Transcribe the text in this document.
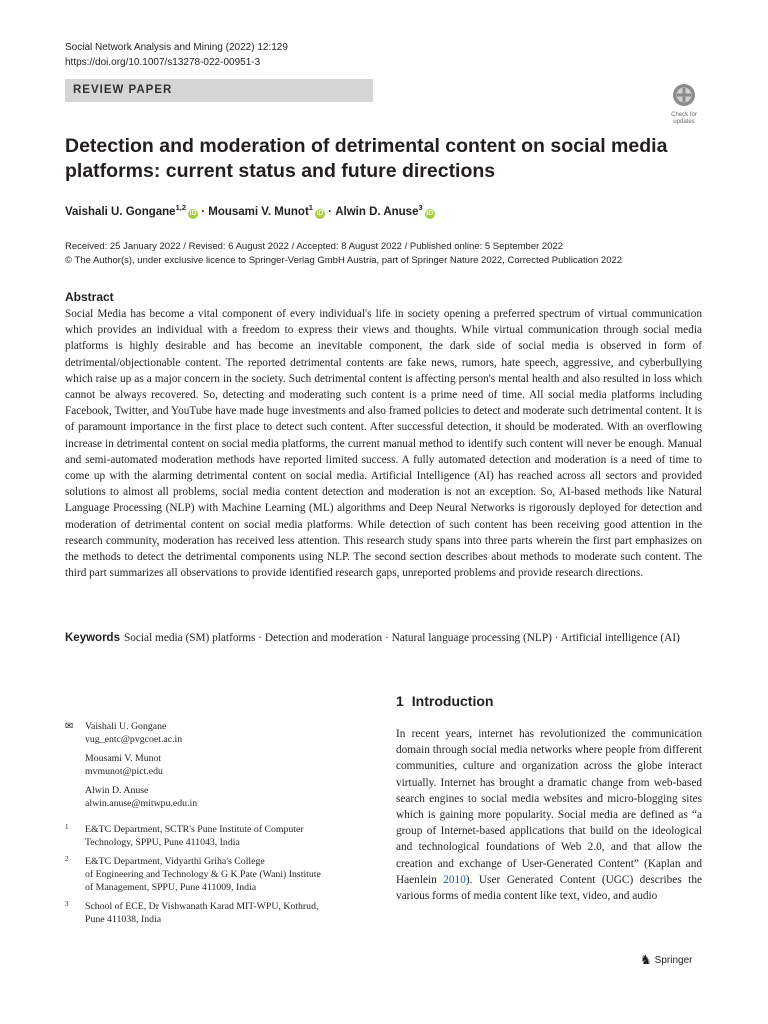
Social Network Analysis and Mining (2022) 12:129
https://doi.org/10.1007/s13278-022-00951-3
REVIEW PAPER
Check for
updates
Detection and moderation of detrimental content on social media platforms: current status and future directions
Vaishali U. Gongane$^{1,2}$iD · Mousami V. Munot$^1$iD · Alwin D. Anuse$^3$iD
Received: 25 January 2022 / Revised: 6 August 2022 / Accepted: 8 August 2022 / Published online: 5 September 2022
© The Author(s), under exclusive licence to Springer-Verlag GmbH Austria, part of Springer Nature 2022, Corrected Publication 2022
Abstract

Social Media has become a vital component of every individual's life in society opening a preferred spectrum of virtual communication which provides an individual with a freedom to express their views and thoughts. While virtual communication through social media platforms is highly desirable and has become an inevitable component, the dark side of social media is observed in form of detrimental/objectionable content. The reported detrimental contents are fake news, rumors, hate speech, aggressive, and cyberbullying which raise up as a major concern in the society. Such detrimental content is affecting person's mental health and also resulted in loss which cannot be always recovered. So, detecting and moderating such content is a prime need of time. All social media platforms including Facebook, Twitter, and YouTube have made huge investments and also framed policies to detect and moderate such detrimental content. It is of paramount importance in the first place to detect such content. After successful detection, it should be moderated. With an overflowing increase in detrimental content on social media platforms, the current manual method to identify such content will never be enough. Manual and semi-automated moderation methods have reported limited success. A fully automated detection and moderation is a need of time to come up with the alarming detrimental content on social media. Artificial Intelligence (AI) has reached across all sectors and provided solutions to almost all problems, social media content detection and moderation is not an exception. So, AI-based methods like Natural Language Processing (NLP) with Machine Learning (ML) algorithms and Deep Neural Networks is rigorously deployed for detection and moderation of detrimental content on social media platforms. While detection of such content has been receiving good attention in the research community, moderation has received less attention. This research study spans into three parts wherein the first part emphasizes on the methods to detect the detrimental components using NLP. The second section describes about methods to moderate such content. The third part summarizes all observations to provide identified research gaps, unreported problems and provide research directions.

Keywords Social media (SM) platforms · Detection and moderation · Natural language processing (NLP) · Artificial intelligence (AI)
✉ Vaishali U. Gongane
vug_entc@pvgcoet.ac.in
Mousami V. Munot
mvmunot@pict.edu
Alwin D. Anuse
alwin.anuse@mitwpu.edu.in
1 E&TC Department, SCTR's Pune Institute of Computer
Technology, SPPU, Pune 411043, India
2 E&TC Department, Vidyarthi Griha's College
of Engineering and Technology & G K Pate (Wani) Institute
of Management, SPPU, Pune 411009, India
3 School of ECE, Dr Vishwanath Karad MIT-WPU, Kothrud,
Pune 411038, India
1 Introduction

In recent years, internet has revolutionized the communication domain through social media networks where people from different communities, culture and organization across the globe interact virtually. Internet has brought a dramatic change from web-based search engines to social media websites and micro-blogging sites which is gaining more popularity. Social media are defined as “a group of Internet-based applications that build on the ideological and technological foundations of Web 2.0, and that allow the creation and exchange of User-Generated Content” (Kaplan and Haenlein 2010). User Generated Content (UGC) describes the various forms of media content like text, video, and audio

♞ Springer
